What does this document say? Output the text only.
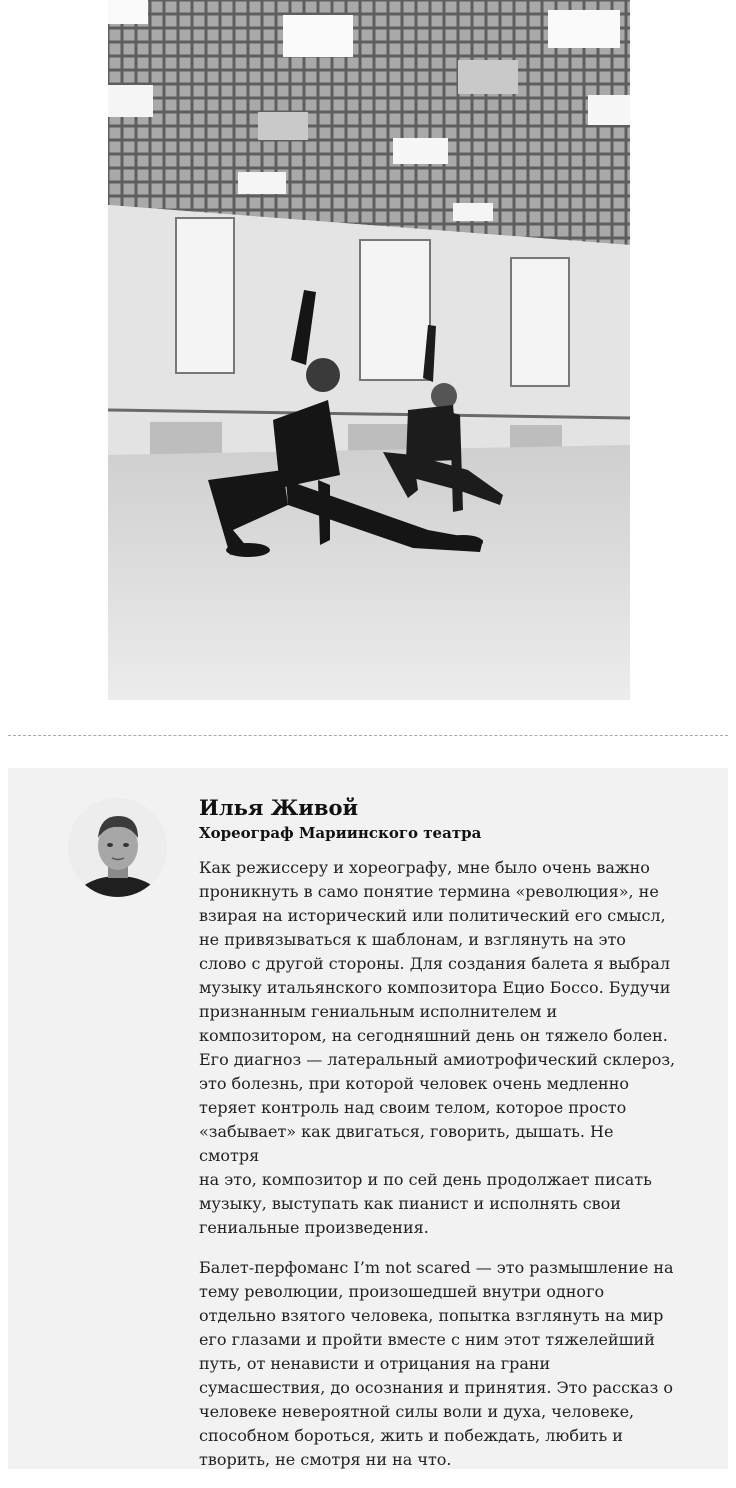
Илья Живой

Хореограф Мариинского театра

Как режиссеру и хореографу, мне было очень важно
проникнуть в само понятие термина «революция», не
взирая на исторический или политический его смысл,
не привязываться к шаблонам, и взглянуть на это
слово с другой стороны. Для создания балета я выбрал
музыку итальянского композитора Ецио Боссо. Будучи
признанным гениальным исполнителем и
композитором, на сегодняшний день он тяжело болен.
Его диагноз — латеральный амиотрофический склероз,
это болезнь, при которой человек очень медленно
теряет контроль над своим телом, которое просто
«забывает» как двигаться, говорить, дышать. Не смотря
на это, композитор и по сей день продолжает писать
музыку, выступать как пианист и исполнять свои
гениальные произведения.

Балет-перфоманс I’m not scared — это размышление на
тему революции, произошедшей внутри одного
отдельно взятого человека, попытка взглянуть на мир
его глазами и пройти вместе с ним этот тяжелейший
путь, от ненависти и отрицания на грани
сумасшествия, до осознания и принятия. Это рассказ о
человеке невероятной силы воли и духа, человеке,
способном бороться, жить и побеждать, любить и
творить, не смотря ни на что.
